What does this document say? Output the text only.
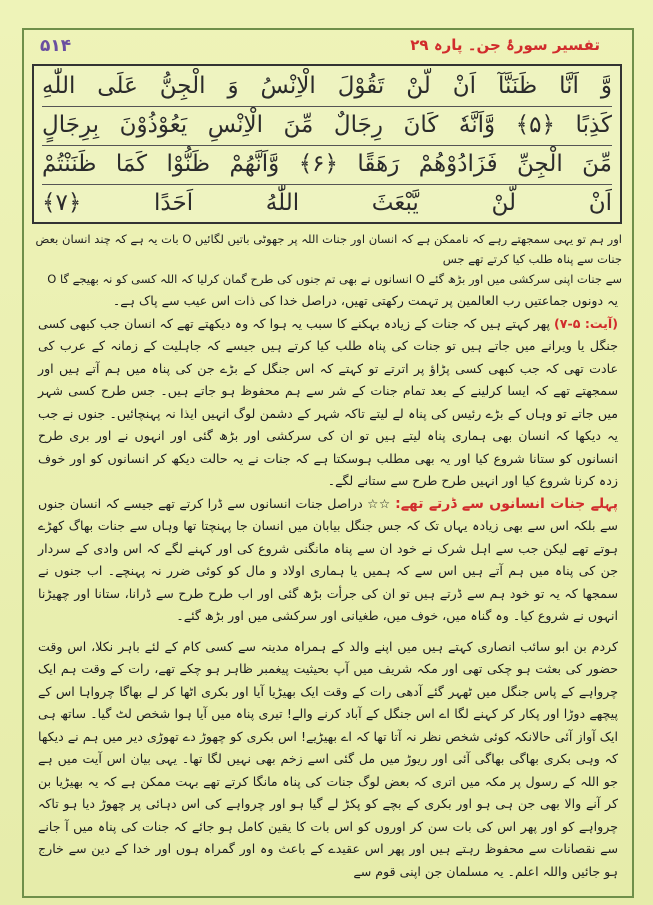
۵۱۴	تفسیر سورۂ جن۔ پارہ ۲۹
وَّ اَنَّا ظَنَنَّآ اَنْ لَّنْ تَقُوْلَ الْاِنْسُ وَ الْجِنُّ عَلَى اللّٰهِ
كَذِبًا ﴿۵﴾ وَّاَنَّهٗ كَانَ رِجَالٌ مِّنَ الْاِنْسِ يَعُوْذُوْنَ بِرِجَالٍ
مِّنَ الْجِنِّ فَزَادُوْهُمْ رَهَقًا ﴿۶﴾ وَّاَنَّهُمْ ظَنُّوْا كَمَا ظَنَنْتُمْ
اَنْ لَّنْ يَّبْعَثَ اللّٰهُ اَحَدًا ﴿۷﴾
اور ہم تو یہی سمجھتے رہے کہ ناممکن ہے کہ انسان اور جنات اللہ پر جھوٹی باتیں لگائیں O بات یہ ہے کہ چند انسان بعض جنات سے پناہ طلب کیا کرتے تھے جس
سے جنات اپنی سرکشی میں اور بڑھ گئے O انسانوں نے بھی تم جنوں کی طرح گمان کرلیا کہ اللہ کسی کو نہ بھیجے گا O

یہ دونوں جماعتیں رب العالمین پر تہمت رکھتی تھیں، دراصل خدا کی ذات اس عیب سے پاک ہے۔

(آیت: ۵-۷) پھر کہتے ہیں کہ جنات کے زیادہ بہکنے کا سبب یہ ہوا کہ وہ دیکھتے تھے کہ انسان جب کبھی کسی جنگل یا ویرانے میں جاتے ہیں تو جنات کی پناہ طلب کیا کرتے ہیں جیسے کہ جاہلیت کے زمانہ کے عرب کی عادت تھی کہ جب کبھی کسی پڑاؤ پر اترتے تو کہتے کہ اس جنگل کے بڑے جن کی پناہ میں ہم آتے ہیں اور سمجھتے تھے کہ ایسا کرلینے کے بعد تمام جنات کے شر سے ہم محفوظ ہو جاتے ہیں۔ جس طرح کسی شہر میں جاتے تو وہاں کے بڑے رئیس کی پناہ لے لیتے تاکہ شہر کے دشمن لوگ انہیں ایذا نہ پہنچائیں۔ جنوں نے جب یہ دیکھا کہ انسان بھی ہماری پناہ لیتے ہیں تو ان کی سرکشی اور بڑھ گئی اور انہوں نے اور بری طرح انسانوں کو ستانا شروع کیا اور یہ بھی مطلب ہوسکتا ہے کہ جنات نے یہ حالت دیکھ کر انسانوں کو اور خوف زدہ کرنا شروع کیا اور انہیں طرح طرح سے ستانے لگے۔

پہلے جنات انسانوں سے ڈرتے تھے: ☆☆ دراصل جنات انسانوں سے ڈرا کرتے تھے جیسے کہ انسان جنوں سے بلکہ اس سے بھی زیادہ یہاں تک کہ جس جنگل بیابان میں انسان جا پہنچتا تھا وہاں سے جنات بھاگ کھڑے ہوتے تھے لیکن جب سے اہل شرک نے خود ان سے پناہ مانگنی شروع کی اور کہنے لگے کہ اس وادی کے سردار جن کی پناہ میں ہم آتے ہیں اس سے کہ ہمیں یا ہماری اولاد و مال کو کوئی ضرر نہ پہنچے۔ اب جنوں نے سمجھا کہ یہ تو خود ہم سے ڈرتے ہیں تو ان کی جرأت بڑھ گئی اور اب طرح طرح سے ڈرانا، ستانا اور چھیڑنا انہوں نے شروع کیا۔ وہ گناہ میں، خوف میں، طغیانی اور سرکشی میں اور بڑھ گئے۔

کردم بن ابو سائب انصاری کہتے ہیں میں اپنے والد کے ہمراہ مدینہ سے کسی کام کے لئے باہر نکلا، اس وقت حضور کی بعثت ہو چکی تھی اور مکہ شریف میں آپ بحیثیت پیغمبر ظاہر ہو چکے تھے، رات کے وقت ہم ایک چرواہے کے پاس جنگل میں ٹھہر گئے آدھی رات کے وقت ایک بھیڑیا آیا اور بکری اٹھا کر لے بھاگا چرواہا اس کے پیچھے دوڑا اور پکار کر کہنے لگا اے اس جنگل کے آباد کرنے والے! تیری پناہ میں آیا ہوا شخص لٹ گیا۔ ساتھ ہی ایک آواز آئی حالانکہ کوئی شخص نظر نہ آتا تھا کہ اے بھیڑیے! اس بکری کو چھوڑ دے تھوڑی دیر میں ہم نے دیکھا کہ وہی بکری بھاگی بھاگی آئی اور ریوڑ میں مل گئی اسے زخم بھی نہیں لگا تھا۔ یہی بیان اس آیت میں ہے جو اللہ کے رسول پر مکہ میں اتری کہ بعض لوگ جنات کی پناہ مانگا کرتے تھے بہت ممکن ہے کہ یہ بھیڑیا بن کر آنے والا بھی جن ہی ہو اور بکری کے بچے کو پکڑ لے گیا ہو اور چرواہے کی اس دہائی پر چھوڑ دیا ہو تاکہ چرواہے کو اور پھر اس کی بات سن کر اوروں کو اس بات کا یقین کامل ہو جائے کہ جنات کی پناہ میں آ جانے سے نقصانات سے محفوظ رہتے ہیں اور پھر اس عقیدے کے باعث وہ اور گمراہ ہوں اور خدا کے دین سے خارج ہو جائیں واللہ اعلم۔ یہ مسلمان جن اپنی قوم سے
